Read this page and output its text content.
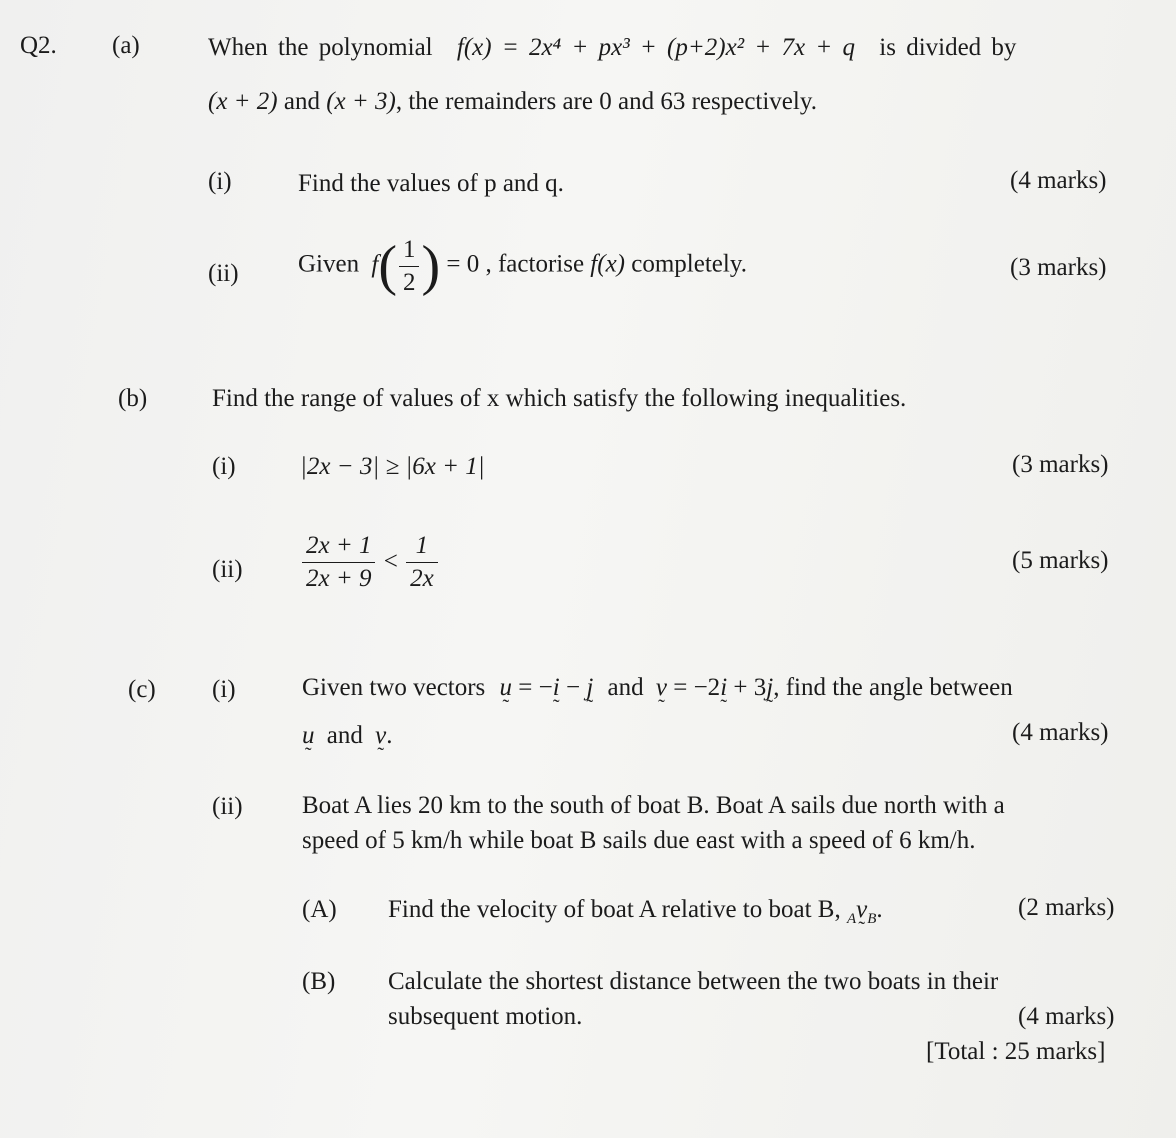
Q2. (a)	When the polynomial f(x) = 2x⁴ + px³ + (p+2)x² + 7x + q is divided by
(x + 2) and (x + 3), the remainders are 0 and 63 respectively.
(i)	Find the values of p and q.	(4 marks)
(ii) Given $f( \frac{1}{2}$ ) = 0 , factorise f(x) completely.	(3 marks)
(b)	Find the range of values of x which satisfy the following inequalities.
(i)	|2x − 3| ≥ |6x + 1|	(3 marks)
$(ii) \frac{2x + 1}{2x + 9} < \frac{1}{2x}$	(5 marks)
(c) (i)	Given two vectors u ˜ = −i ˜ − j ˜ and v ˜ = −2i ˜ + 3j ˜, find the angle between
u ˜ and v ˜.	(4 marks)
(ii) Boat A lies 20 km to the south of boat B. Boat A sails due north with a
speed of 5 km/h while boat B sails due east with a speed of 6 km/h.
(A) Find the velocity of boat A relative to boat B, $_A$v $˜_B$.	(2 marks)
(B) Calculate the shortest distance between the two boats in their
subsequent motion.	(4 marks)
[Total : 25 marks]
